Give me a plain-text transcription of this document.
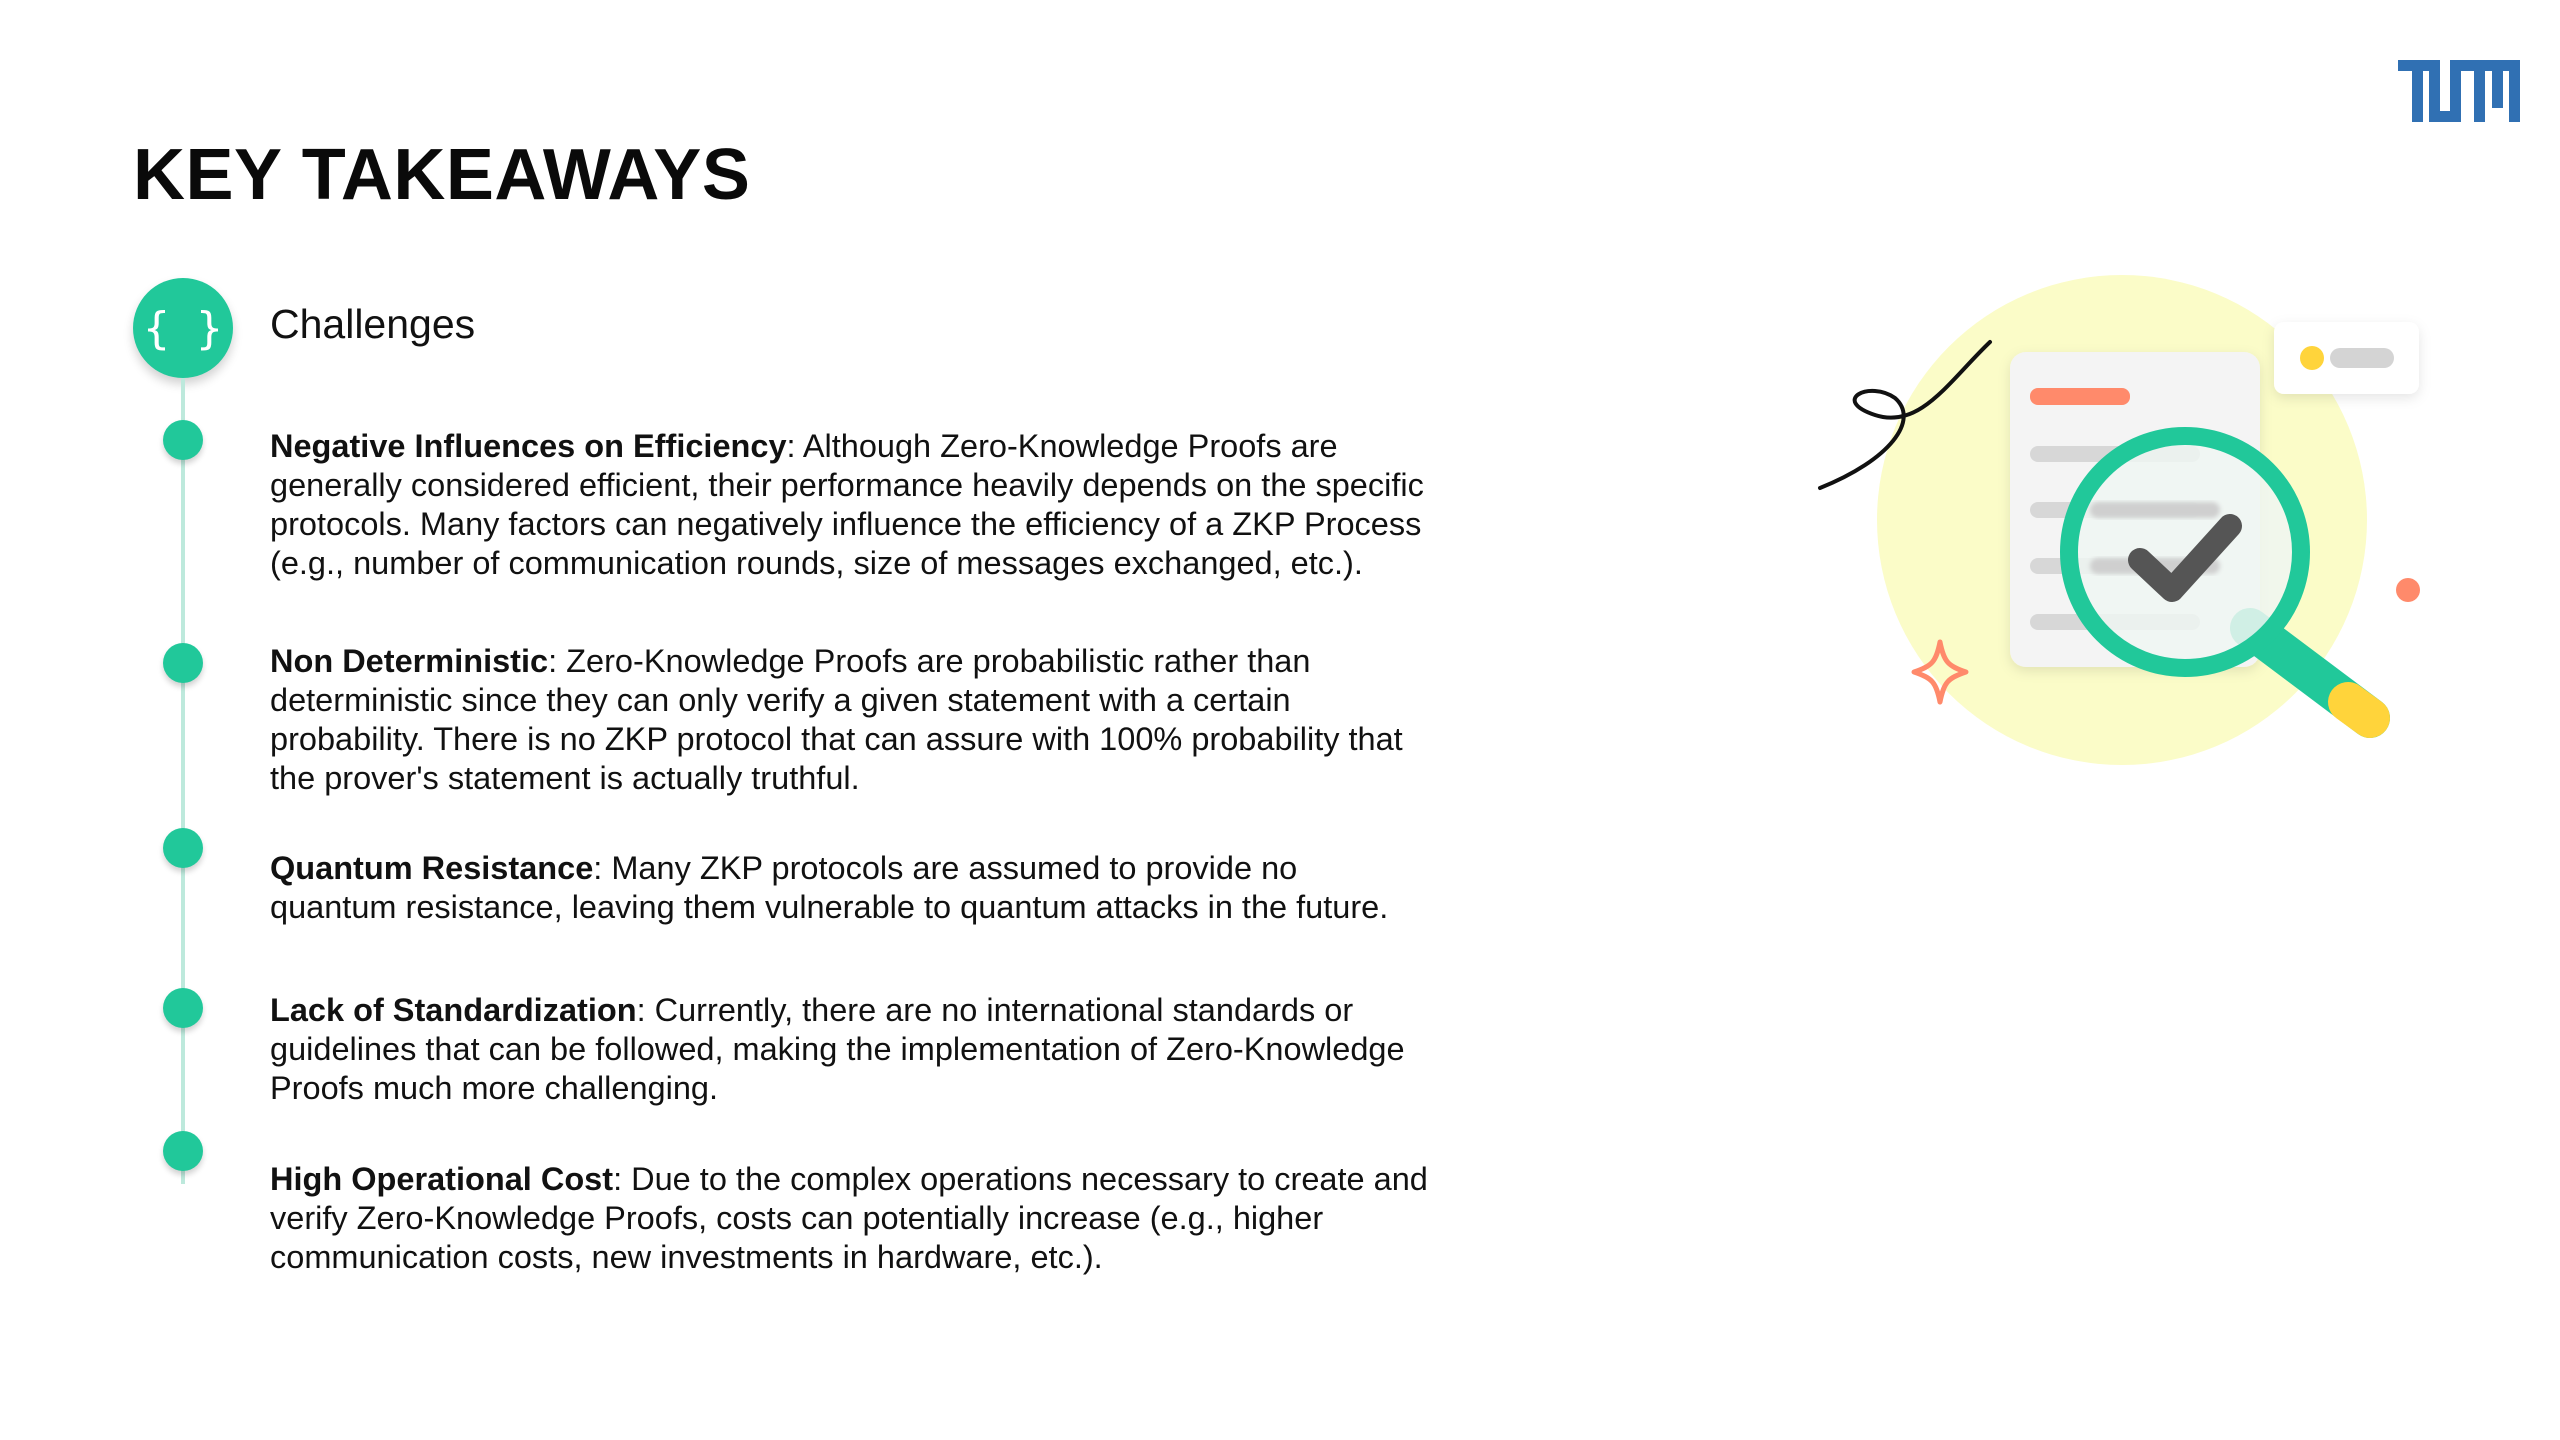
KEY TAKEAWAYS
{ } Challenges

Negative Influences on Efficiency: Although Zero-Knowledge Proofs are generally considered efficient, their performance heavily depends on the specific protocols. Many factors can negatively influence the efficiency of a ZKP Process (e.g., number of communication rounds, size of messages exchanged, etc.).

Non Deterministic: Zero-Knowledge Proofs are probabilistic rather than deterministic since they can only verify a given statement with a certain probability. There is no ZKP protocol that can assure with 100% probability that the prover's statement is actually truthful.

Quantum Resistance: Many ZKP protocols are assumed to provide no quantum resistance, leaving them vulnerable to quantum attacks in the future.

Lack of Standardization: Currently, there are no international standards or guidelines that can be followed, making the implementation of Zero-Knowledge Proofs much more challenging.

High Operational Cost: Due to the complex operations necessary to create and verify Zero-Knowledge Proofs, costs can potentially increase (e.g., higher communication costs, new investments in hardware, etc.).
